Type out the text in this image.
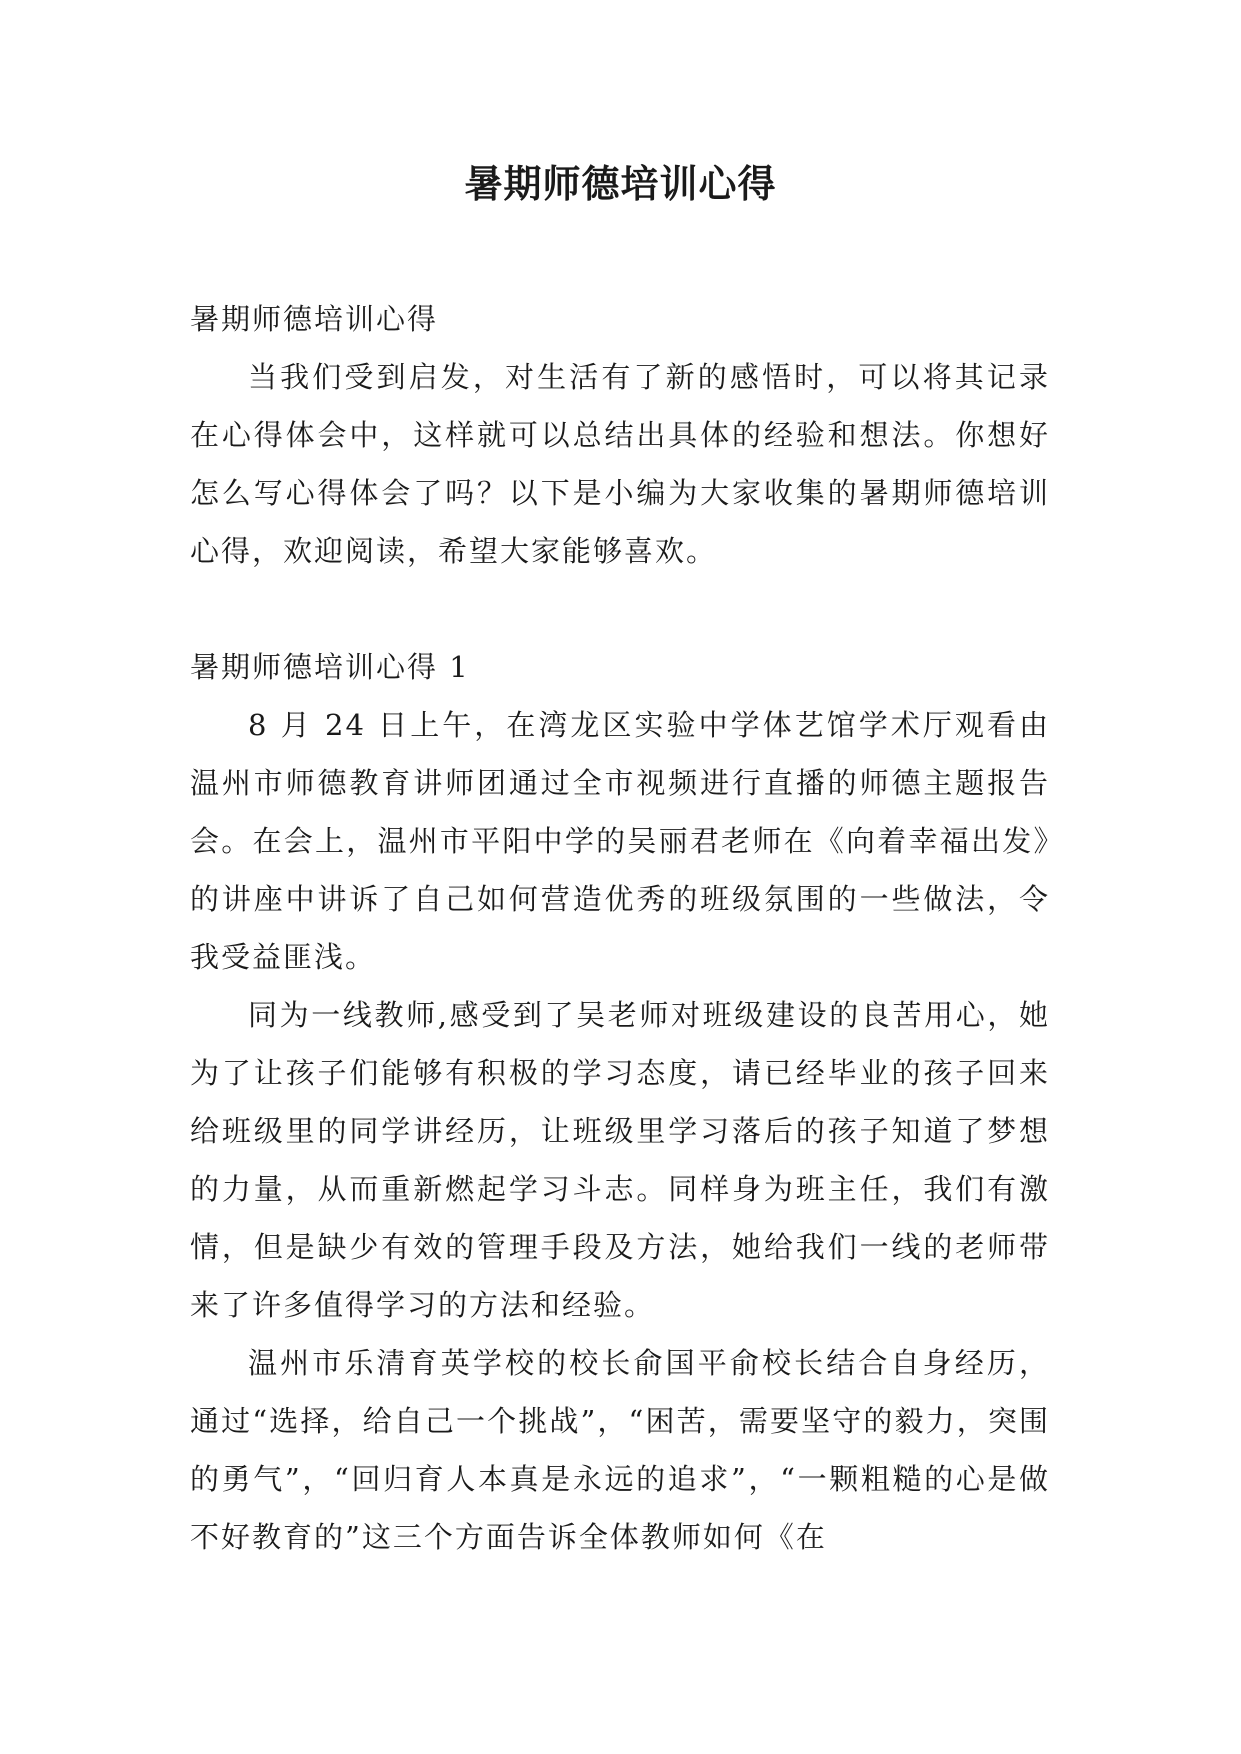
暑期师德培训心得

暑期师德培训心得

当我们受到启发，对生活有了新的感悟时，可以将其记录在心得体会中，这样就可以总结出具体的经验和想法。你想好怎么写心得体会了吗？以下是小编为大家收集的暑期师德培训心得，欢迎阅读，希望大家能够喜欢。

暑期师德培训心得 1

8 月 24 日上午，在湾龙区实验中学体艺馆学术厅观看由温州市师德教育讲师团通过全市视频进行直播的师德主题报告会。在会上，温州市平阳中学的吴丽君老师在《向着幸福出发》的讲座中讲诉了自己如何营造优秀的班级氛围的一些做法，令我受益匪浅。

同为一线教师,感受到了吴老师对班级建设的良苦用心，她为了让孩子们能够有积极的学习态度，请已经毕业的孩子回来给班级里的同学讲经历，让班级里学习落后的孩子知道了梦想的力量，从而重新燃起学习斗志。同样身为班主任，我们有激情，但是缺少有效的管理手段及方法，她给我们一线的老师带来了许多值得学习的方法和经验。

温州市乐清育英学校的校长俞国平俞校长结合自身经历，通过“选择，给自己一个挑战”，“困苦，需要坚守的毅力，突围的勇气”，“回归育人本真是永远的追求”，“一颗粗糙的心是做不好教育的”这三个方面告诉全体教师如何《在
